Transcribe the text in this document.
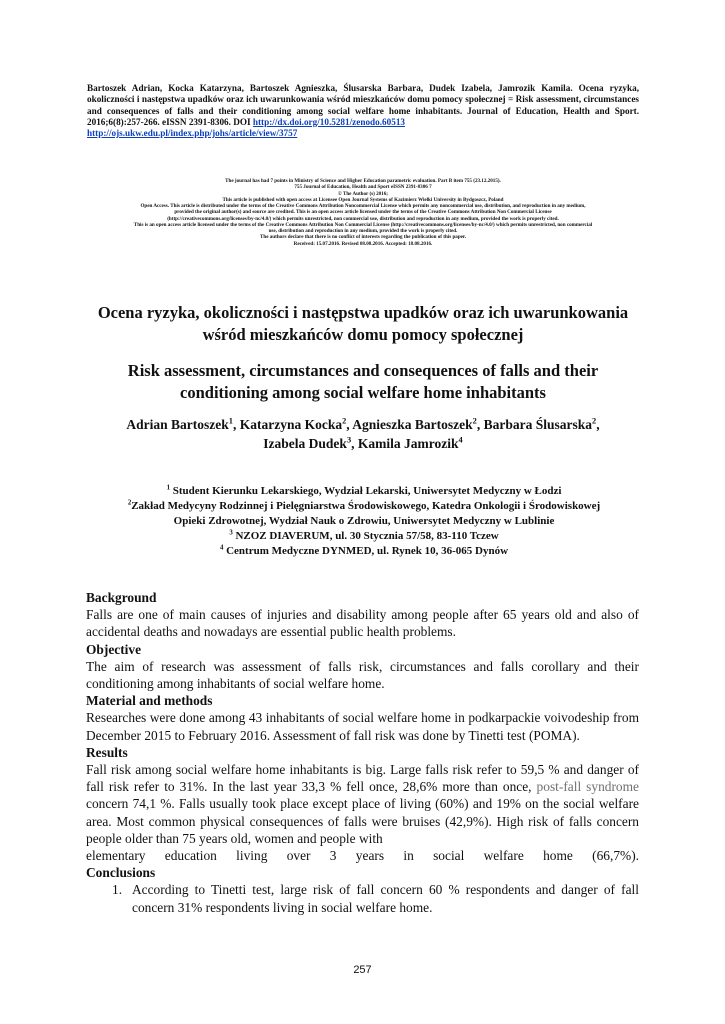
Bartoszek Adrian, Kocka Katarzyna, Bartoszek Agnieszka, Ślusarska Barbara, Dudek Izabela, Jamrozik Kamila. Ocena ryzyka, okoliczności i następstwa upadków oraz ich uwarunkowania wśród mieszkańców domu pomocy społecznej = Risk assessment, circumstances and consequences of falls and their conditioning among social welfare home inhabitants. Journal of Education, Health and Sport. 2016;6(8):257-266. eISSN 2391-8306. DOI http://dx.doi.org/10.5281/zenodo.60513
http://ojs.ukw.edu.pl/index.php/johs/article/view/3757
The journal has had 7 points in Ministry of Science and Higher Education parametric evaluation. Part B item 755 (23.12.2015).
755 Journal of Education, Health and Sport eISSN 2391-8306 7
© The Author (s) 2016;
This article is published with open access at Licensee Open Journal Systems of Kazimierz Wielki University in Bydgoszcz, Poland
Open Access. This article is distributed under the terms of the Creative Commons Attribution Noncommercial License which permits any noncommercial use, distribution, and reproduction in any medium,
provided the original author(s) and source are credited. This is an open access article licensed under the terms of the Creative Commons Attribution Non Commercial License
(http://creativecommons.org/licenses/by-nc/4.0/) which permits unrestricted, non commercial use, distribution and reproduction in any medium, provided the work is properly cited.
This is an open access article licensed under the terms of the Creative Commons Attribution Non Commercial License (http://creativecommons.org/licenses/by-nc/4.0/) which permits unrestricted, non commercial
use, distribution and reproduction in any medium, provided the work is properly cited.
The authors declare that there is no conflict of interests regarding the publication of this paper.
Received: 15.07.2016. Revised 08.08.2016. Accepted: 18.08.2016.
Ocena ryzyka, okoliczności i następstwa upadków oraz ich uwarunkowania
wśród mieszkańców domu pomocy społecznej
Risk assessment, circumstances and consequences of falls and their
conditioning among social welfare home inhabitants
Adrian Bartoszek$^1$, Katarzyna Kocka$^2$, Agnieszka Bartoszek$^2$, Barbara Ślusarska$^2$,
Izabela Dudek$^3$, Kamila Jamrozik$^4$
$^1$ Student Kierunku Lekarskiego, Wydział Lekarski, Uniwersytet Medyczny w Łodzi
$^2$Zakład Medycyny Rodzinnej i Pielęgniarstwa Środowiskowego, Katedra Onkologii i Środowiskowej
Opieki Zdrowotnej, Wydział Nauk o Zdrowiu, Uniwersytet Medyczny w Lublinie
$^3$ NZOZ DIAVERUM, ul. 30 Stycznia 57/58, 83-110 Tczew
$^4$ Centrum Medyczne DYNMED, ul. Rynek 10, 36-065 Dynów
Background

Falls are one of main causes of injuries and disability among people after 65 years old and also of accidental deaths and nowadays are essential public health problems.

Objective

The aim of research was assessment of falls risk, circumstances and falls corollary and their conditioning among inhabitants of social welfare home.

Material and methods

Researches were done among 43 inhabitants of social welfare home in podkarpackie voivodeship from December 2015 to February 2016. Assessment of fall risk was done by Tinetti test (POMA).

Results

Fall risk among social welfare home inhabitants is big. Large falls risk refer to 59,5 % and danger of fall risk refer to 31%. In the last year 33,3 % fell once, 28,6% more than once, post-fall syndrome concern 74,1 %. Falls usually took place except place of living (60%) and 19% on the social welfare area. Most common physical consequences of falls were bruises (42,9%). High risk of falls concern people older than 75 years old, women and people with

elementary education living over 3 years in social welfare home (66,7%).

Conclusions
1. According to Tinetti test, large risk of fall concern 60 % respondents and danger of fall concern 31% respondents living in social welfare home.
257
